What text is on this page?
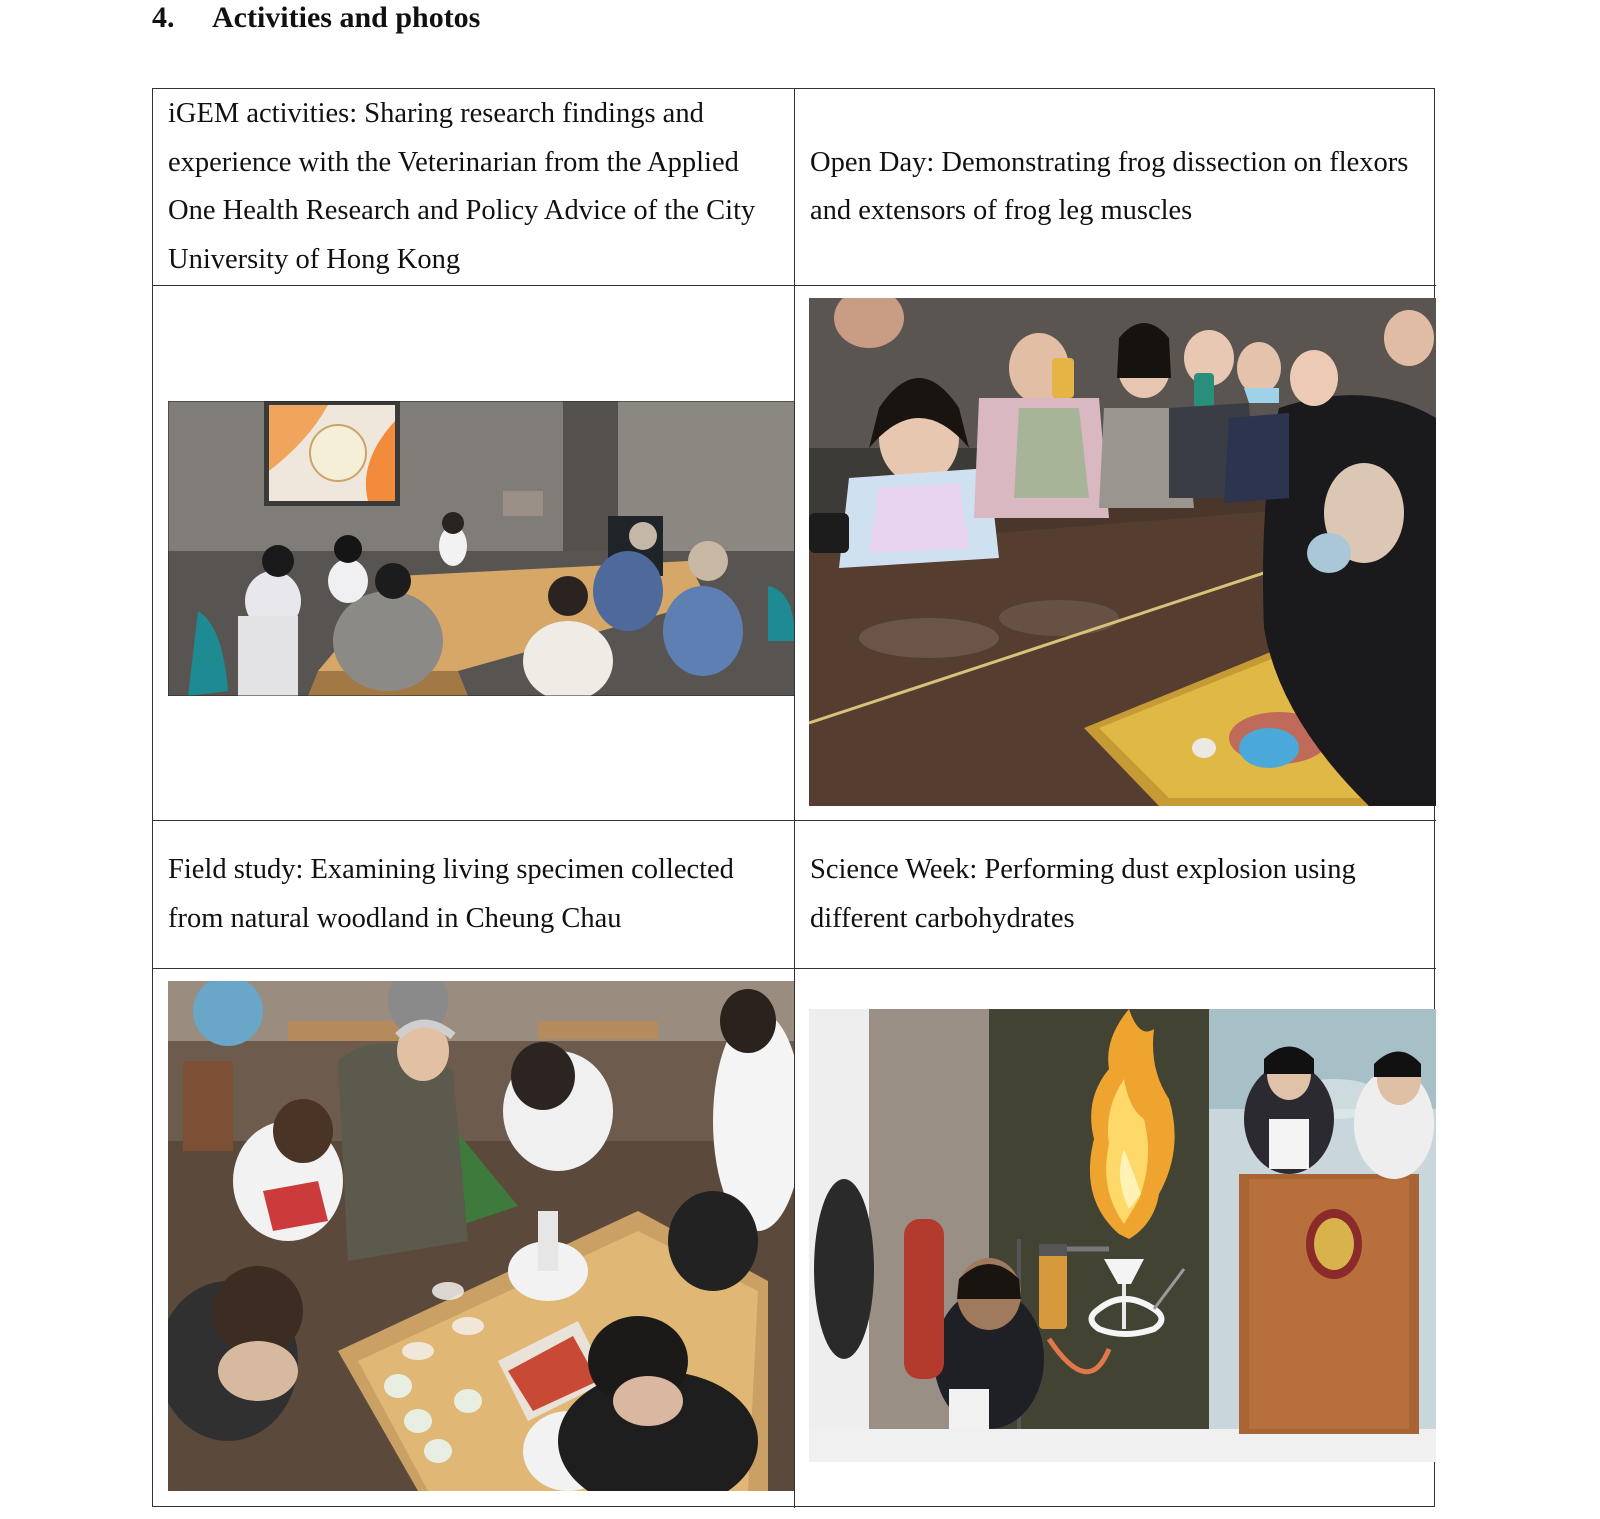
4. Activities and photos
iGEM activities: Sharing research findings and experience with the Veterinarian from the Applied One Health Research and Policy Advice of the City University of Hong Kong
Open Day: Demonstrating frog dissection on flexors and extensors of frog leg muscles
Field study: Examining living specimen collected from natural woodland in Cheung Chau
Science Week: Performing dust explosion using different carbohydrates
